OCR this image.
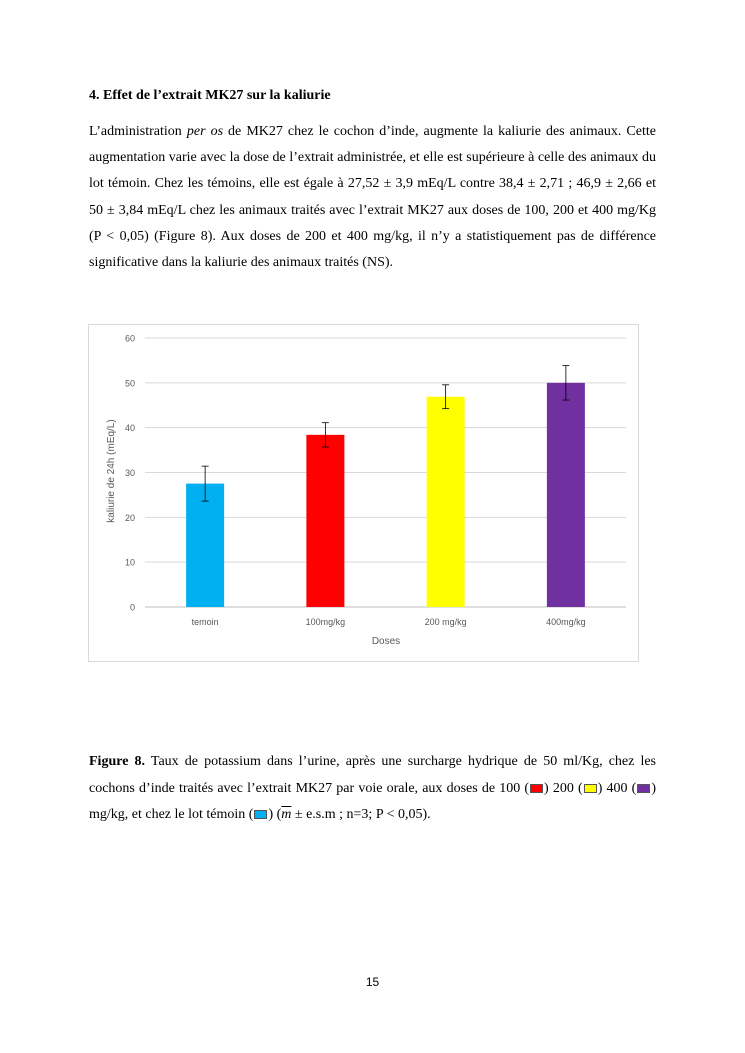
4. Effet de l’extrait MK27 sur la kaliurie

L’administration per os de MK27 chez le cochon d’inde, augmente la kaliurie des animaux. Cette augmentation varie avec la dose de l’extrait administrée, et elle est supérieure à celle des animaux du lot témoin. Chez les témoins, elle est égale à 27,52 ± 3,9 mEq/L contre 38,4 ± 2,71 ; 46,9 ± 2,66 et 50 ± 3,84 mEq/L chez les animaux traités avec l’extrait MK27 aux doses de 100, 200 et 400 mg/Kg (P < 0,05) (Figure 8). Aux doses de 200 et 400 mg/kg, il n’y a statistiquement pas de différence significative dans la kaliurie des animaux traités (NS).

0
10
20
30
40
50
60
temoin	100mg/kg	200 mg/kg	400mg/kg
kaliurie de 24h (mEq/L)
Doses

Figure 8. Taux de potassium dans l’urine, après une surcharge hydrique de 50 ml/Kg, chez les cochons d’inde traités avec l’extrait MK27 par voie orale, aux doses de 100 ( ) 200 ( ) 400 ( ) mg/kg, et chez le lot témoin ( ) ($\overline{m} \pm e.s.m$ ; n=3; P < 0,05).

15
